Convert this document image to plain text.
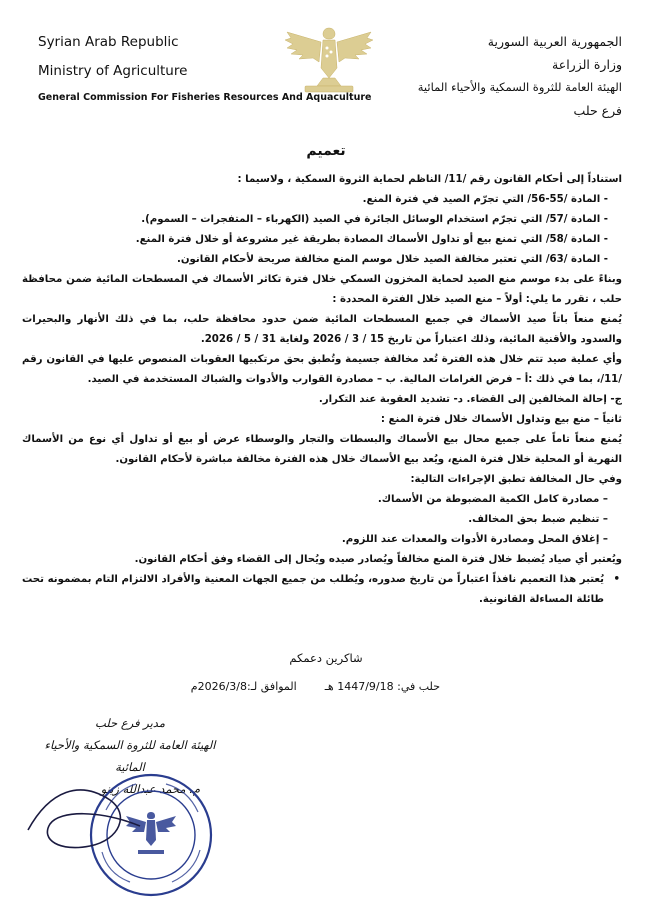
Syrian Arab Republic
Ministry of Agriculture
General Commission For Fisheries Resources And Aquaculture
الجمهورية العربية السورية
وزارة الزراعة
الهيئة العامة للثروة السمكية والأحياء المائية
فرع حلب
تعميم

استناداً إلى أحكام القانون رقم /11/ الناظم لحماية الثروة السمكية ، ولاسيما :

- المادة /55-56/ التي تجرّم الصيد في فترة المنع.

- المادة /57/ التي تجرّم استخدام الوسائل الجائرة في الصيد (الكهرباء – المتفجرات – السموم).

- المادة /58/ التي تمنع بيع أو تداول الأسماك المصادة بطريقة غير مشروعة أو خلال فترة المنع.

- المادة /63/ التي تعتبر مخالفة الصيد خلال موسم المنع مخالفة صريحة لأحكام القانون.

وبناءً على بدء موسم منع الصيد لحماية المخزون السمكي خلال فترة تكاثر الأسماك في المسطحات المائية ضمن محافظة حلب ، تقرر ما يلي: أولاً – منع الصيد خلال الفترة المحددة :

يُمنع منعاً باتاً صيد الأسماك في جميع المسطحات المائية ضمن حدود محافظة حلب، بما في ذلك الأنهار والبحيرات والسدود والأقنية المائية، وذلك اعتباراً من تاريخ 15 / 3 / 2026 ولغاية 31 / 5 / 2026.

وأي عملية صيد تتم خلال هذه الفترة تُعد مخالفة جسيمة وتُطبق بحق مرتكبيها العقوبات المنصوص عليها في القانون رقم /11/، بما في ذلك :أ – فرض الغرامات المالية. ب – مصادرة القوارب والأدوات والشباك المستخدمة في الصيد.

ج- إحالة المخالفين إلى القضاء. د- تشديد العقوبة عند التكرار.

ثانياً – منع بيع وتداول الأسماك خلال فترة المنع :

يُمنع منعاً تاماً على جميع محال بيع الأسماك والبسطات والتجار والوسطاء عرض أو بيع أو تداول أي نوع من الأسماك النهرية أو المحلية خلال فترة المنع، ويُعد بيع الأسماك خلال هذه الفترة مخالفة مباشرة لأحكام القانون.

وفي حال المخالفة تطبق الإجراءات التالية:

– مصادرة كامل الكمية المضبوطة من الأسماك.

– تنظيم ضبط بحق المخالف.

– إغلاق المحل ومصادرة الأدوات والمعدات عند اللزوم.

ويُعتبر أي صياد يُضبط خلال فترة المنع مخالفاً ويُصادر صيده ويُحال إلى القضاء وفق أحكام القانون.

•
يُعتبر هذا التعميم نافذاً اعتباراً من تاريخ صدوره، ويُطلب من جميع الجهات المعنية والأفراد الالتزام التام بمضمونه تحت طائلة المساءلة القانونية.

شاكرين دعمكم
حلب في: 1447/9/18 هـ        الموافق لـ:2026/3/8م
مدير فرع حلب
الهيئة العامة للثروة السمكية والأحياء المائية
م. محمد عبدالله زينو
